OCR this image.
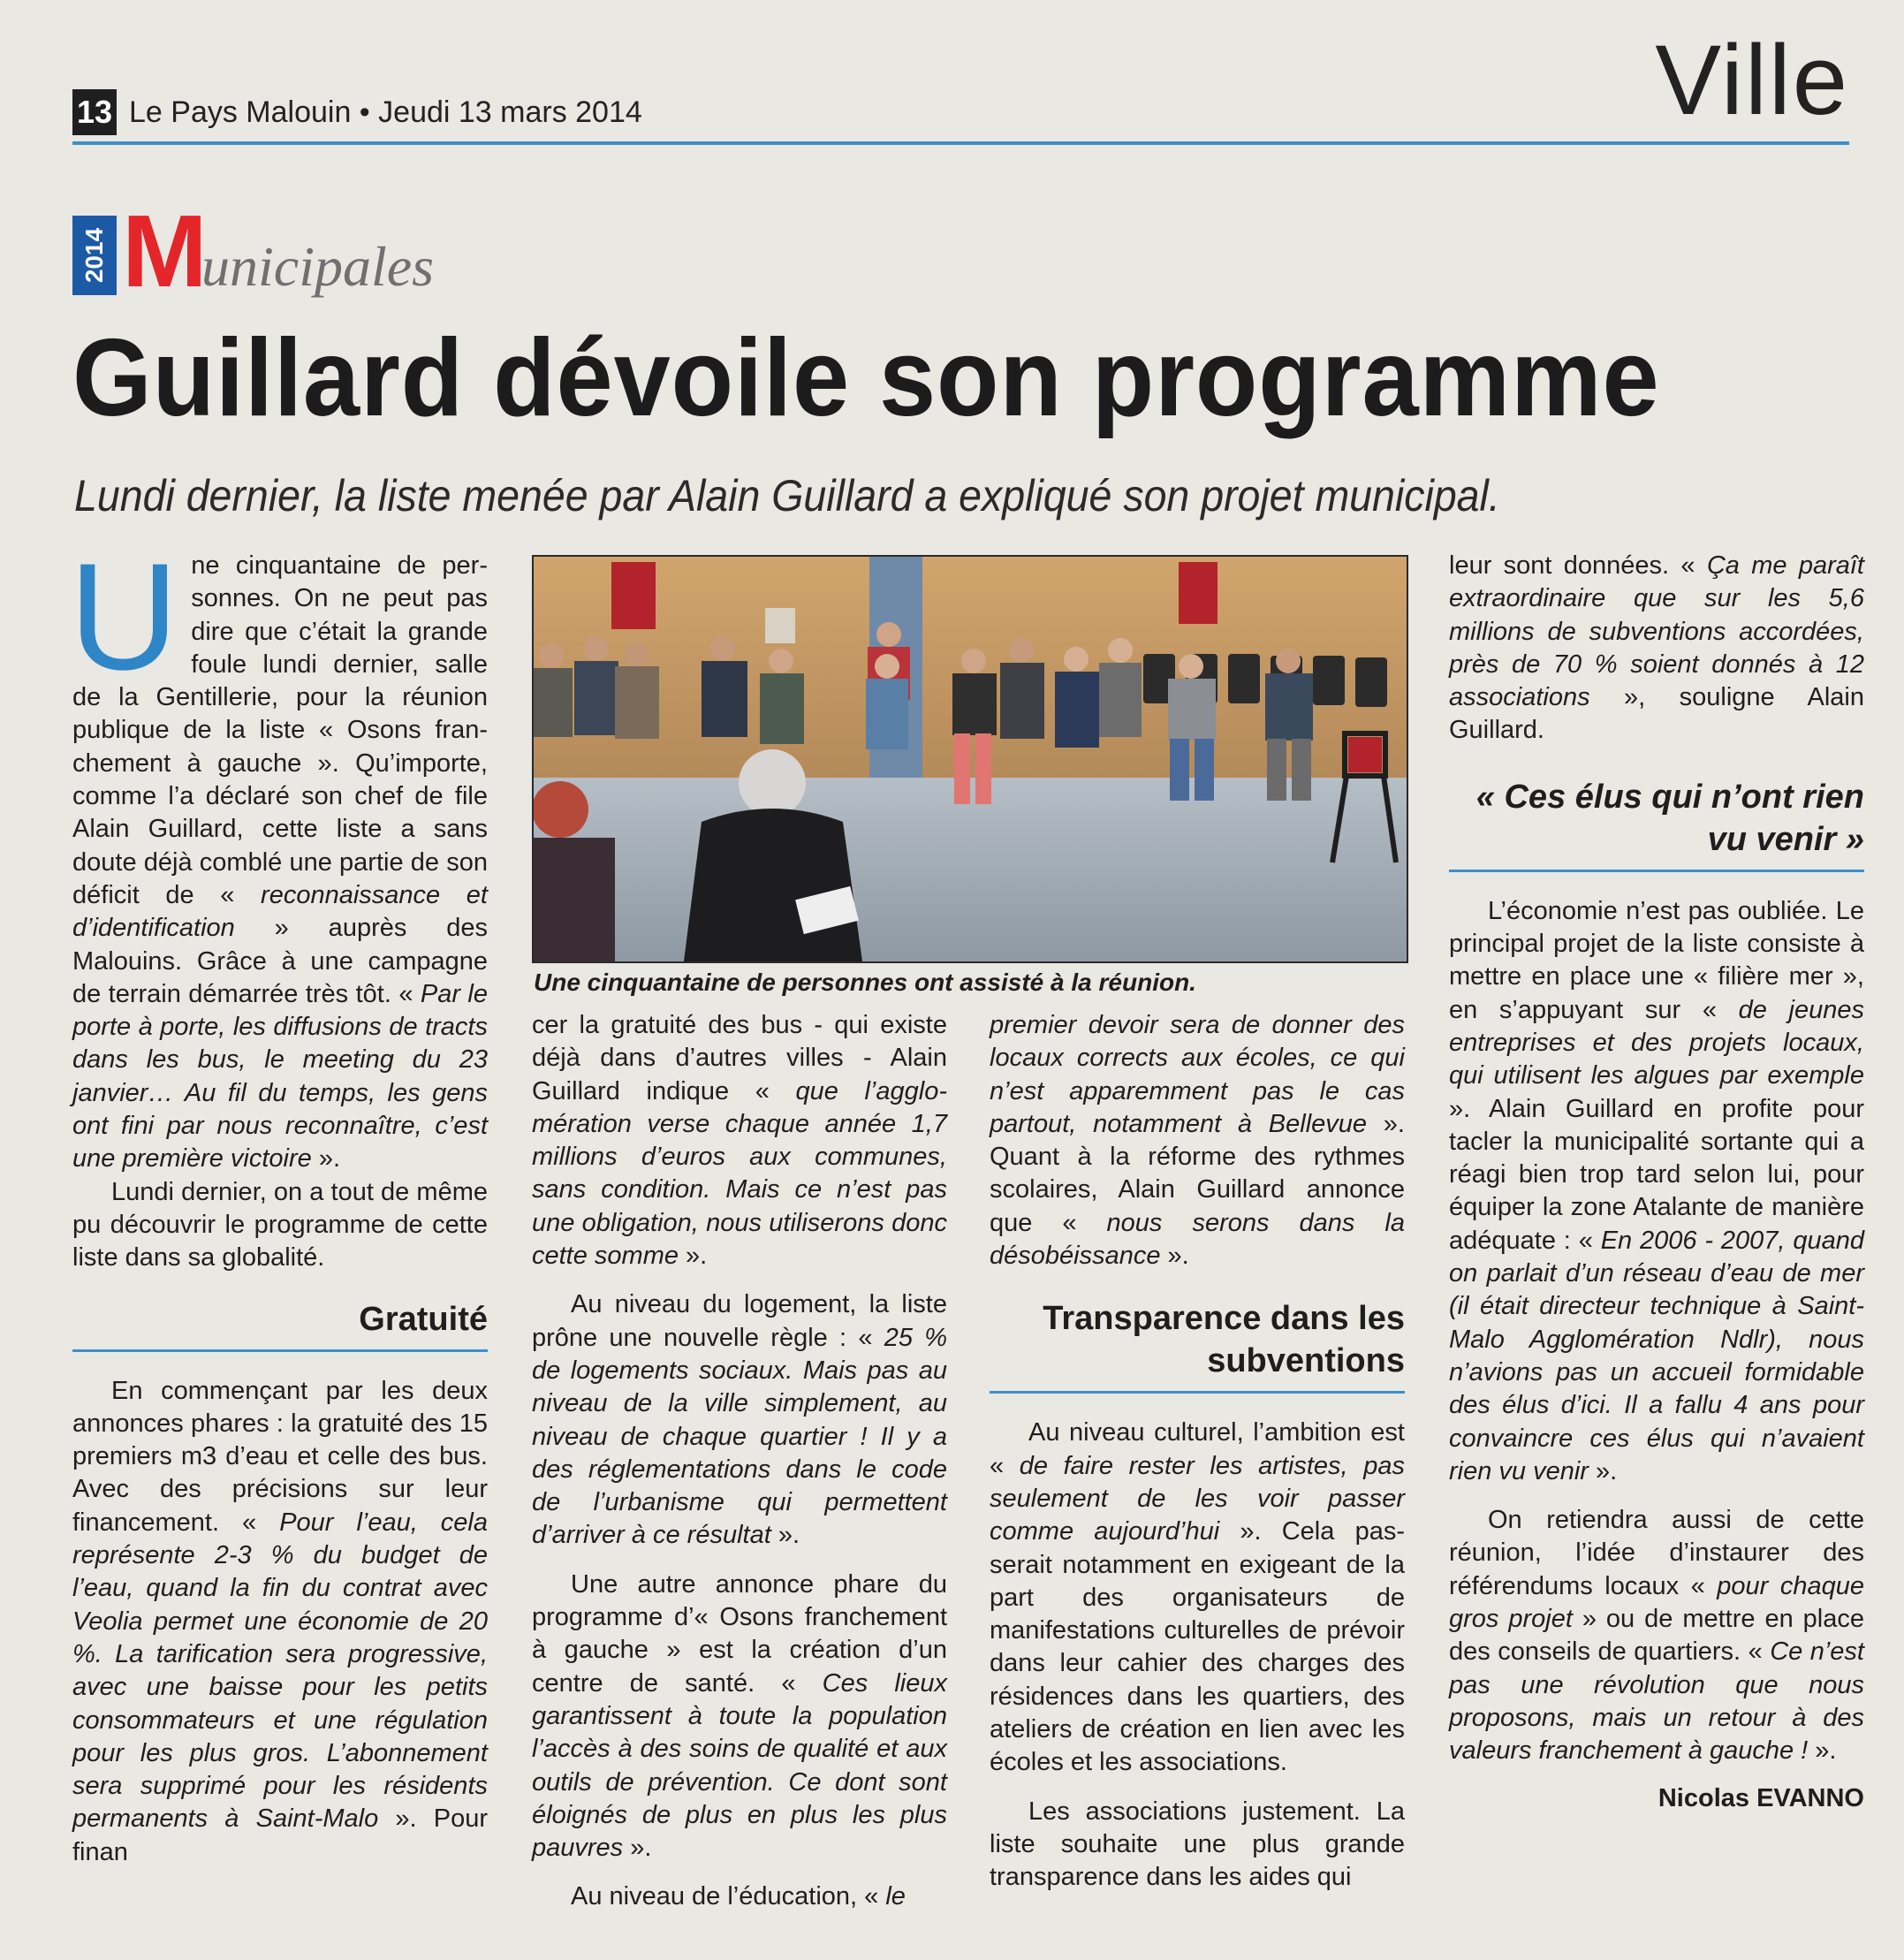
13 Le Pays Malouin • Jeudi 13 mars 2014	Ville
2014 M
unicipales
Guillard dévoile son programme
Lundi dernier, la liste menée par Alain Guillard a expliqué son projet municipal.

Une cinquantaine de personnes. On ne peut pas dire que c’était la grande foule lundi dernier, salle de la Gentillerie, pour la réunion publique de la liste « Osons franchement à gauche ». Qu’importe, comme l’a déclaré son chef de file Alain Guillard, cette liste a sans doute déjà comblé une partie de son déficit de « reconnaissance et d’identification » auprès des Malouins. Grâce à une campagne de terrain démarrée très tôt. « Par le porte à porte, les diffusions de tracts dans les bus, le meeting du 23 janvier… Au fil du temps, les gens ont fini par nous reconnaître, c’est une première victoire ».

Lundi dernier, on a tout de même pu découvrir le programme de cette liste dans sa globalité.

Gratuité

En commençant par les deux annonces phares : la gratuité des 15 premiers m3 d’eau et celle des bus. Avec des précisions sur leur financement. « Pour l’eau, cela représente 2-3 % du budget de l’eau, quand la fin du contrat avec Veolia permet une économie de 20 %. La tarification sera progressive, avec une baisse pour les petits consommateurs et une régulation pour les plus gros. L’abonnement sera supprimé pour les résidents permanents à Saint-Malo ». Pour finan

Une cinquantaine de personnes ont assisté à la réunion.

cer la gratuité des bus - qui existe déjà dans d’autres villes - Alain Guillard indique « que l’agglomération verse chaque année 1,7 millions d’euros aux communes, sans condition. Mais ce n’est pas une obligation, nous utiliserons donc cette somme ».

Au niveau du logement, la liste prône une nouvelle règle : « 25 % de logements sociaux. Mais pas au niveau de la ville simplement, au niveau de chaque quartier ! Il y a des réglementations dans le code de l’urbanisme qui permettent d’arriver à ce résultat ».

Une autre annonce phare du programme d’« Osons franchement à gauche » est la création d’un centre de santé. « Ces lieux garantissent à toute la population l’accès à des soins de qualité et aux outils de prévention. Ce dont sont éloignés de plus en plus les plus pauvres ».

Au niveau de l’éducation, « le

premier devoir sera de donner des locaux corrects aux écoles, ce qui n’est apparemment pas le cas partout, notamment à Bellevue ». Quant à la réforme des rythmes scolaires, Alain Guillard annonce que « nous serons dans la désobéissance ».

Transparence dans les subventions

Au niveau culturel, l’ambition est « de faire rester les artistes, pas seulement de les voir passer comme aujourd’hui ». Cela passerait notamment en exigeant de la part des organisateurs de manifestations culturelles de prévoir dans leur cahier des charges des résidences dans les quartiers, des ateliers de création en lien avec les écoles et les associations.

Les associations justement. La liste souhaite une plus grande transparence dans les aides qui

leur sont données. « Ça me paraît extraordinaire que sur les 5,6 millions de subventions accordées, près de 70 % soient donnés à 12 associations », souligne Alain Guillard.

« Ces élus qui n’ont rien vu venir »

L’économie n’est pas oubliée. Le principal projet de la liste consiste à mettre en place une « filière mer », en s’appuyant sur « de jeunes entreprises et des projets locaux, qui utilisent les algues par exemple ». Alain Guillard en profite pour tacler la municipalité sortante qui a réagi bien trop tard selon lui, pour équiper la zone Atalante de manière adéquate : « En 2006 - 2007, quand on parlait d’un réseau d’eau de mer (il était directeur technique à Saint-Malo Agglomération Ndlr), nous n’avions pas un accueil formidable des élus d’ici. Il a fallu 4 ans pour convaincre ces élus qui n’avaient rien vu venir ».

On retiendra aussi de cette réunion, l’idée d’instaurer des référendums locaux « pour chaque gros projet » ou de mettre en place des conseils de quartiers. « Ce n’est pas une révolution que nous proposons, mais un retour à des valeurs franchement à gauche ! ».

Nicolas EVANNO
